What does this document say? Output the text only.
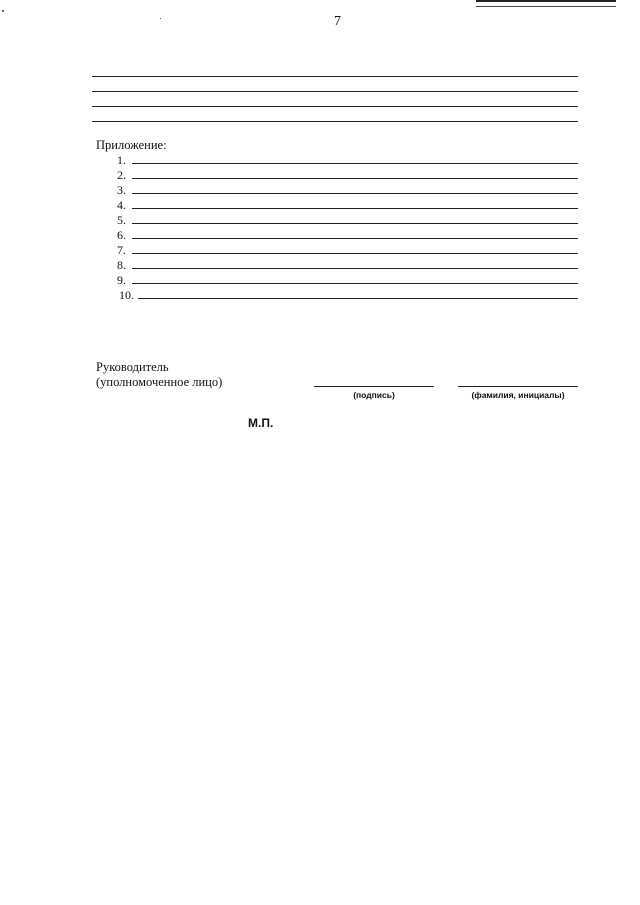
7
Приложение:
1.
2.
3.
4.
5.
6.
7.
8.
9.
10.
Руководитель
(уполномоченное лицо)
(подпись)	(фамилия, инициалы)
М.П.
